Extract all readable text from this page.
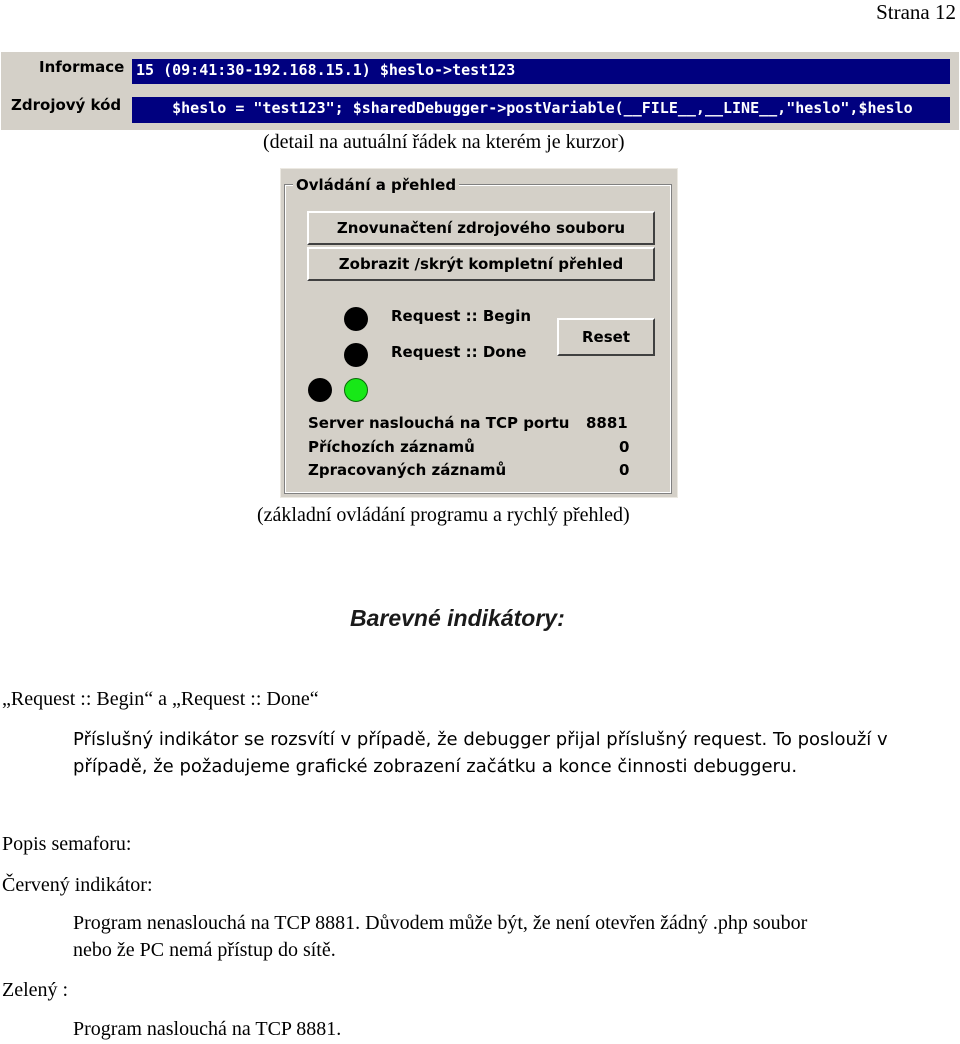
Strana 12
Informace 15 (09:41:30-192.168.15.1) $heslo->test123
Zdrojový kód $heslo = "test123"; $sharedDebugger->postVariable(__FILE__,__LINE__,"heslo",$heslo
(detail na autuální řádek na kterém je kurzor)
Ovládání a přehled
Znovunačtení zdrojového souboru
Zobrazit /skrýt kompletní přehled
Request :: Begin
Request :: Done
Reset
Server naslouchá na TCP portu 8881
Příchozích záznamů	0
Zpracovaných záznamů	0
(základní ovládání programu a rychlý přehled)
Barevné indikátory:
„Request :: Begin“ a „Request :: Done“
Příslušný indikátor se rozsvítí v případě, že debugger přijal příslušný request. To poslouží v
případě, že požadujeme grafické zobrazení začátku a konce činnosti debuggeru.
Popis semaforu:
Červený indikátor:
Program nenaslouchá na TCP 8881. Důvodem může být, že není otevřen žádný .php soubor
nebo že PC nemá přístup do sítě.
Zelený :
Program naslouchá na TCP 8881.
